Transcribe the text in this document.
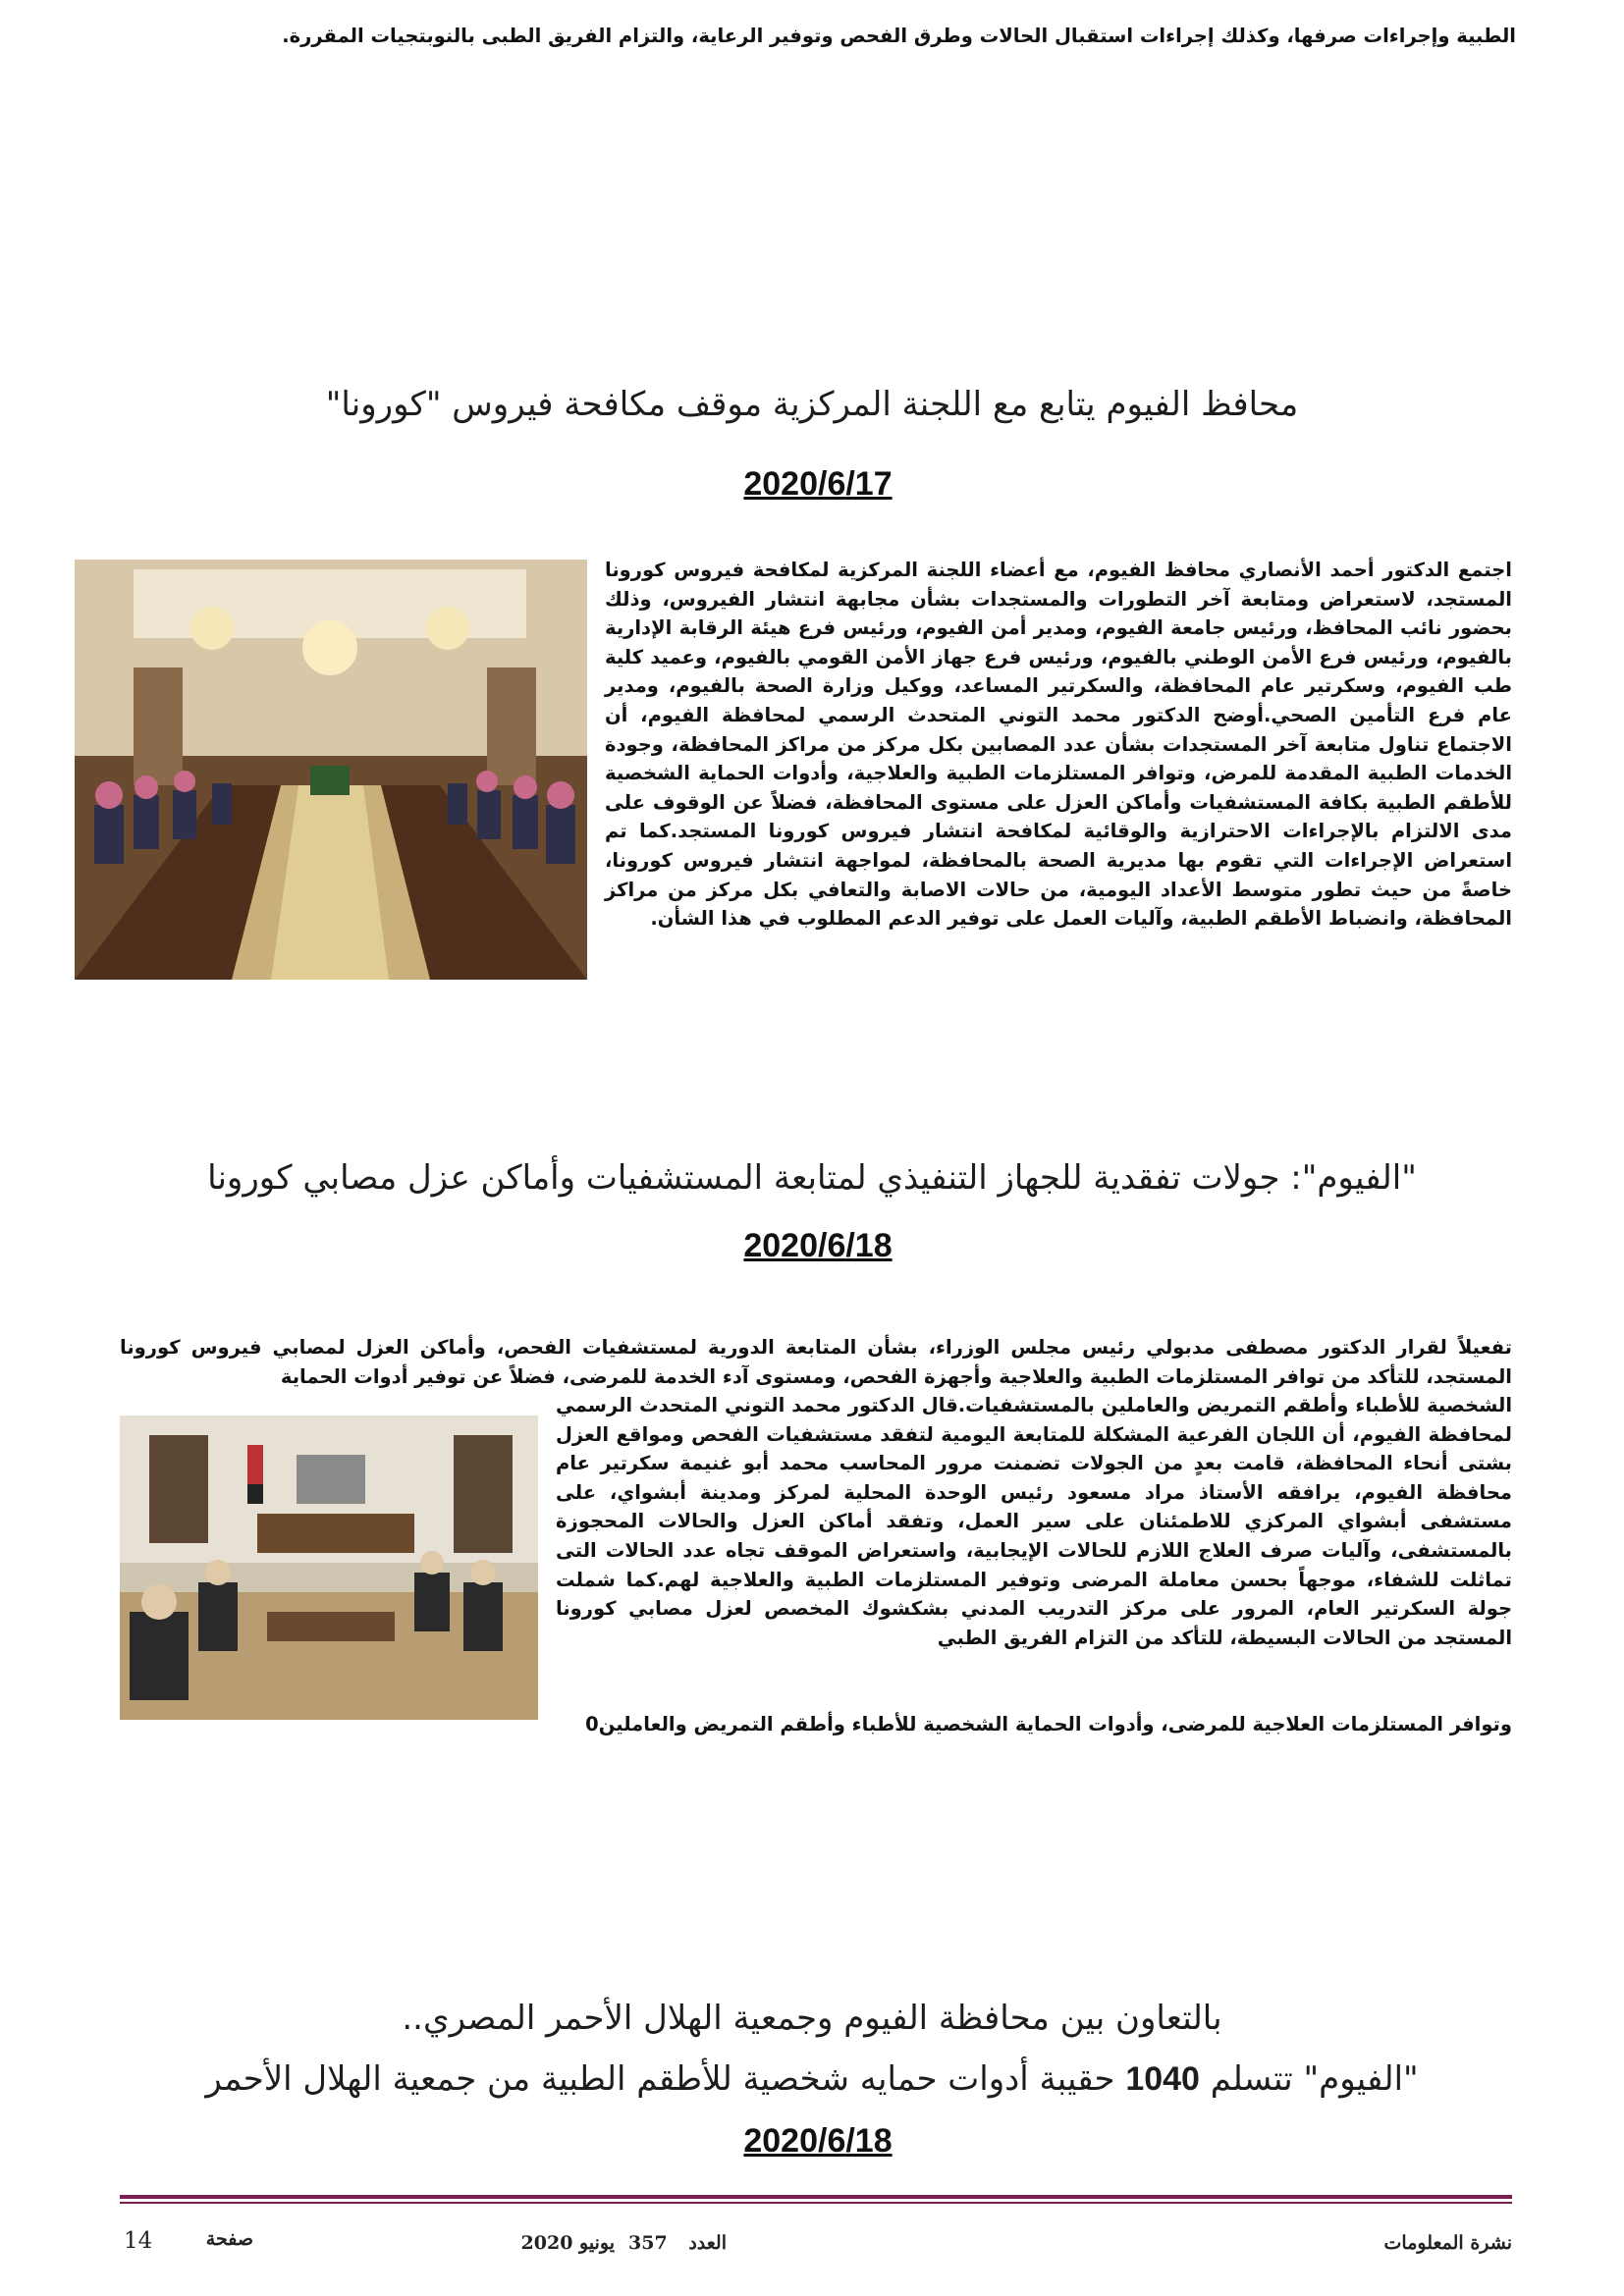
الطبية وإجراءات صرفها، وكذلك إجراءات استقبال الحالات وطرق الفحص وتوفير الرعاية، والتزام الفريق الطبى بالنوبتجيات المقررة.
محافظ الفيوم يتابع مع اللجنة المركزية موقف مكافحة فيروس "كورونا"
2020/6/17
اجتمع الدكتور أحمد الأنصاري محافظ الفيوم، مع أعضاء اللجنة المركزية لمكافحة فيروس كورونا المستجد، لاستعراض ومتابعة آخر التطورات والمستجدات بشأن مجابهة انتشار الفيروس، وذلك بحضور نائب المحافظ، ورئيس جامعة الفيوم، ومدير أمن الفيوم، ورئيس فرع هيئة الرقابة الإدارية بالفيوم، ورئيس فرع الأمن الوطني بالفيوم، ورئيس فرع جهاز الأمن القومي بالفيوم، وعميد كلية طب الفيوم، وسكرتير عام المحافظة، والسكرتير المساعد، ووكيل وزارة الصحة بالفيوم، ومدير عام فرع التأمين الصحي.أوضح الدكتور محمد التوني المتحدث الرسمي لمحافظة الفيوم، أن الاجتماع تناول متابعة آخر المستجدات بشأن عدد المصابين بكل مركز من مراكز المحافظة، وجودة الخدمات الطبية المقدمة للمرض، وتوافر المستلزمات الطبية والعلاجية، وأدوات الحماية الشخصية للأطقم الطبية بكافة المستشفيات وأماكن العزل على مستوى المحافظة، فضلاً عن الوقوف على مدى الالتزام بالإجراءات الاحترازية والوقائية لمكافحة انتشار فيروس كورونا المستجد.كما تم استعراض الإجراءات التي تقوم بها مديرية الصحة بالمحافظة، لمواجهة انتشار فيروس كورونا، خاصةً من حيث تطور متوسط الأعداد اليومية، من حالات الاصابة والتعافي بكل مركز من مراكز المحافظة، وانضباط الأطقم الطبية، وآليات العمل على توفير الدعم المطلوب في هذا الشأن.
"الفيوم": جولات تفقدية للجهاز التنفيذي لمتابعة المستشفيات وأماكن عزل مصابي كورونا
2020/6/18
تفعيلاً لقرار الدكتور مصطفى مدبولي رئيس مجلس الوزراء، بشأن المتابعة الدورية لمستشفيات الفحص، وأماكن العزل لمصابي فيروس كورونا المستجد، للتأكد من توافر المستلزمات الطبية والعلاجية وأجهزة الفحص، ومستوى آدء الخدمة للمرضى، فضلاً عن توفير أدوات الحماية
الشخصية للأطباء وأطقم التمريض والعاملين بالمستشفيات.قال الدكتور محمد التوني المتحدث الرسمي لمحافظة الفيوم، أن اللجان الفرعية المشكلة للمتابعة اليومية لتفقد مستشفيات الفحص ومواقع العزل بشتى أنحاء المحافظة، قامت بعدٍ من الجولات تضمنت مرور المحاسب محمد أبو غنيمة سكرتير عام محافظة الفيوم، يرافقه الأستاذ مراد مسعود رئيس الوحدة المحلية لمركز ومدينة أبشواي، على مستشفى أبشواي المركزي للاطمئنان على سير العمل، وتفقد أماكن العزل والحالات المحجوزة بالمستشفى، وآليات صرف العلاج اللازم للحالات الإيجابية، واستعراض الموقف تجاه عدد الحالات التى تماثلت للشفاء، موجهاً بحسن معاملة المرضى وتوفير المستلزمات الطبية والعلاجية لهم.كما شملت جولة السكرتير العام، المرور على مركز التدريب المدني بشكشوك المخصص لعزل مصابي كورونا المستجد من الحالات البسيطة، للتأكد من التزام الفريق الطبي
وتوافر المستلزمات العلاجية للمرضى، وأدوات الحماية الشخصية للأطباء وأطقم التمريض والعاملين0
بالتعاون بين محافظة الفيوم وجمعية الهلال الأحمر المصري..
"الفيوم" تتسلم 1040 حقيبة أدوات حمايه شخصية للأطقم الطبية من جمعية الهلال الأحمر
2020/6/18
نشرة المعلومات
العدد
357
يونيو 2020
صفحة
14
